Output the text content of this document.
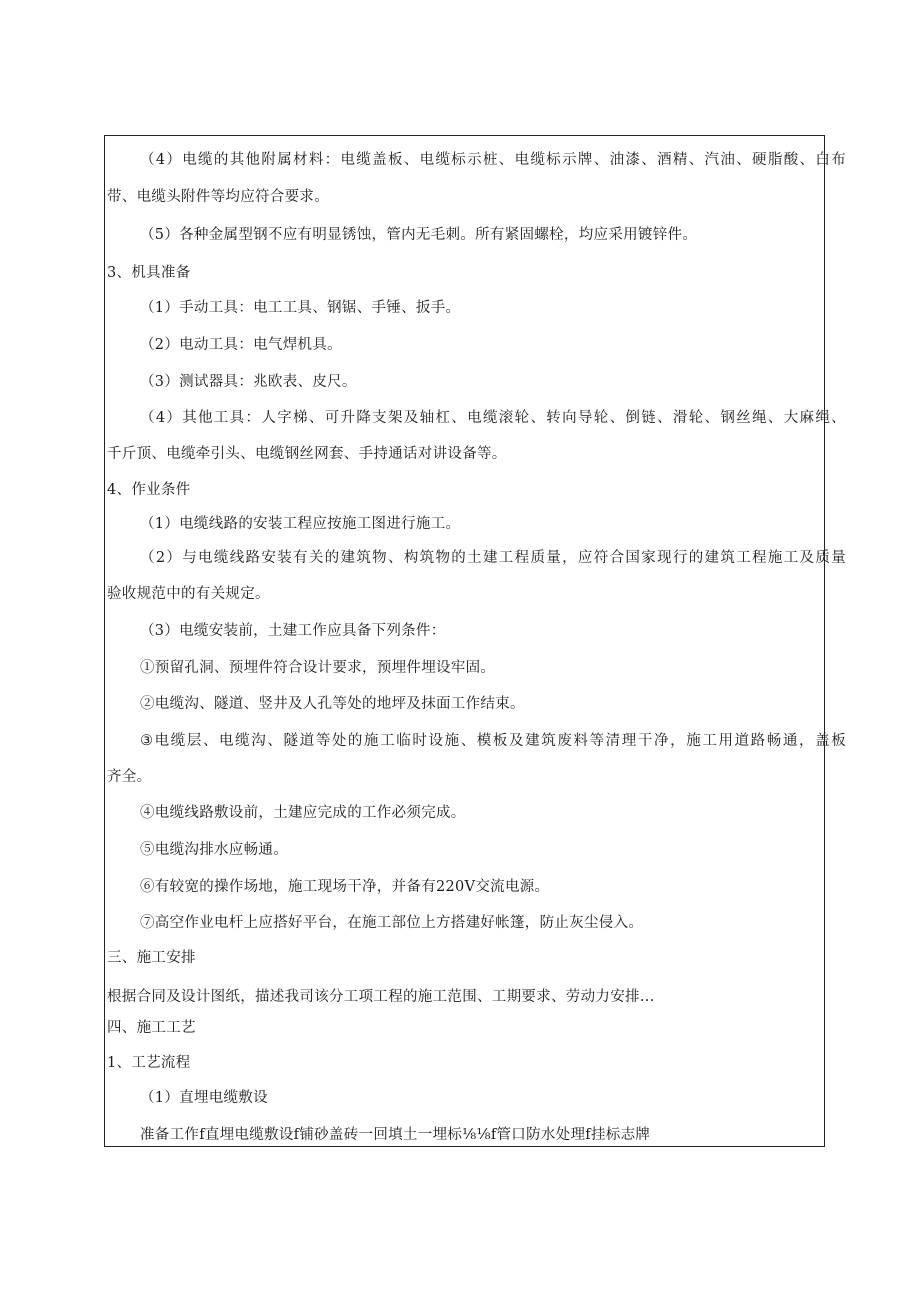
（ 4 ） 电 缆 的 其 他 附 属 材 料 ： 电 缆 盖 板 、 电 缆 标 示 桩 、 电 缆 标 示 牌 、 油 漆 、 酒 精 、 汽 油 、 硬 脂 酸 、 白 布
带、电缆头附件等均应符合要求。
（5）各种金属型钢不应有明显锈蚀，管内无毛刺。所有紧固螺栓，均应采用镀锌件。
3、机具准备
（1）手动工具：电工工具、钢锯、手锤、扳手。
（2）电动工具：电气焊机具。
（3）测试器具：兆欧表、皮尺。
（ 4 ） 其 他 工 具 ： 人 字 梯 、 可 升 降 支 架 及 轴 杠 、 电 缆 滚 轮 、 转 向 导 轮 、 倒 链 、 滑 轮 、 钢 丝 绳 、 大 麻 绳 、
千斤顶、电缆牵引头、电缆钢丝网套、手持通话对讲设备等。
4、作业条件
（1）电缆线路的安装工程应按施工图进行施工。
（ 2 ） 与 电 缆 线 路 安 装 有 关 的 建 筑 物 、 构 筑 物 的 土 建 工 程 质 量 ， 应 符 合 国 家 现 行 的 建 筑 工 程 施 工 及 质 量
验收规范中的有关规定。
（3）电缆安装前，土建工作应具备下列条件：
①预留孔洞、预埋件符合设计要求，预埋件埋设牢固。
②电缆沟、隧道、竖井及人孔等处的地坪及抹面工作结束。
③ 电 缆 层 、 电 缆 沟 、 隧 道 等 处 的 施 工 临 时 设 施 、 模 板 及 建 筑 废 料 等 清 理 干 净 ， 施 工 用 道 路 畅 通 ， 盖 板
齐全。
④电缆线路敷设前，土建应完成的工作必须完成。
⑤电缆沟排水应畅通。
⑥有较宽的操作场地，施工现场干净，并备有220V交流电源。
⑦高空作业电杆上应搭好平台，在施工部位上方搭建好帐篷，防止灰尘侵入。
三、施工安排
根据合同及设计图纸，描述我司该分工项工程的施工范围、工期要求、劳动力安排...
四、施工工艺
1、工艺流程
（1）直埋电缆敷设
准备工作f直埋电缆敷设f铺砂盖砖一回填土一埋标⅛⅛f管口防水处理f挂标志牌
